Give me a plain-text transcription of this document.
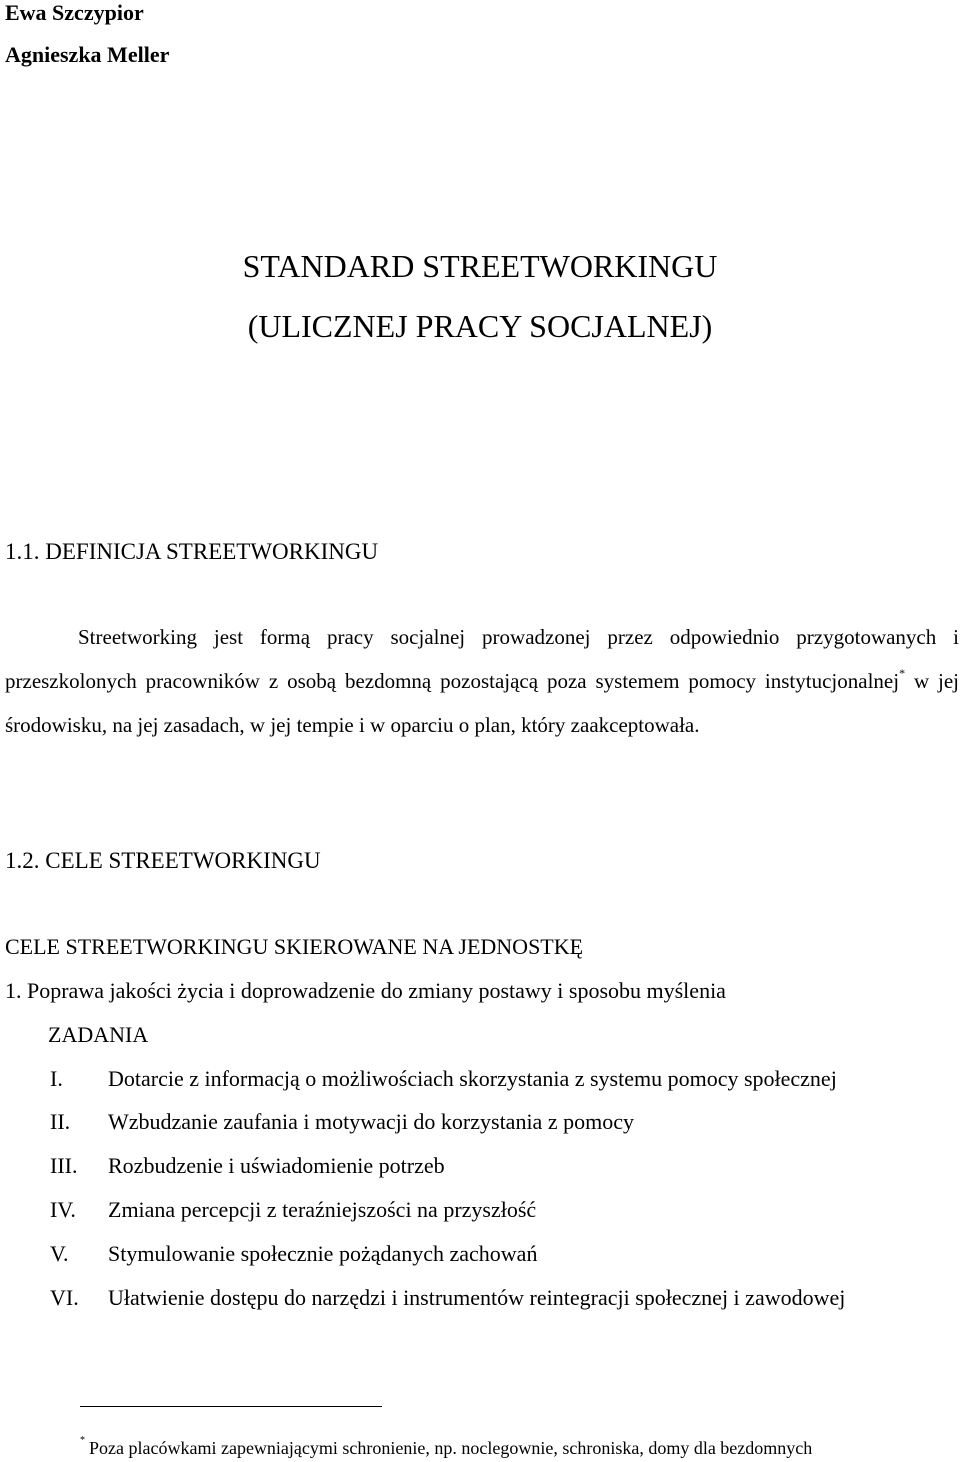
Ewa Szczypior
Agnieszka Meller
STANDARD STREETWORKINGU
(ULICZNEJ PRACY SOCJALNEJ)
1.1. DEFINICJA STREETWORKINGU
Streetworking jest formą pracy socjalnej prowadzonej przez odpowiednio przygotowanych i przeszkolonych pracowników z osobą bezdomną pozostającą poza systemem pomocy instytucjonalnej* w jej środowisku, na jej zasadach, w jej tempie i w oparciu o plan, który zaakceptowała.
1.2. CELE STREETWORKINGU
CELE STREETWORKINGU SKIEROWANE NA JEDNOSTKĘ
1. Poprawa jakości życia i doprowadzenie do zmiany postawy i sposobu myślenia
ZADANIA
I. Dotarcie z informacją o możliwościach skorzystania z systemu pomocy społecznej
II. Wzbudzanie zaufania i motywacji do korzystania z pomocy
III. Rozbudzenie i uświadomienie potrzeb
IV. Zmiana percepcji z teraźniejszości na przyszłość
V. Stymulowanie społecznie pożądanych zachowań
VI. Ułatwienie dostępu do narzędzi i instrumentów reintegracji społecznej i zawodowej
* Poza placówkami zapewniającymi schronienie, np. noclegownie, schroniska, domy dla bezdomnych
